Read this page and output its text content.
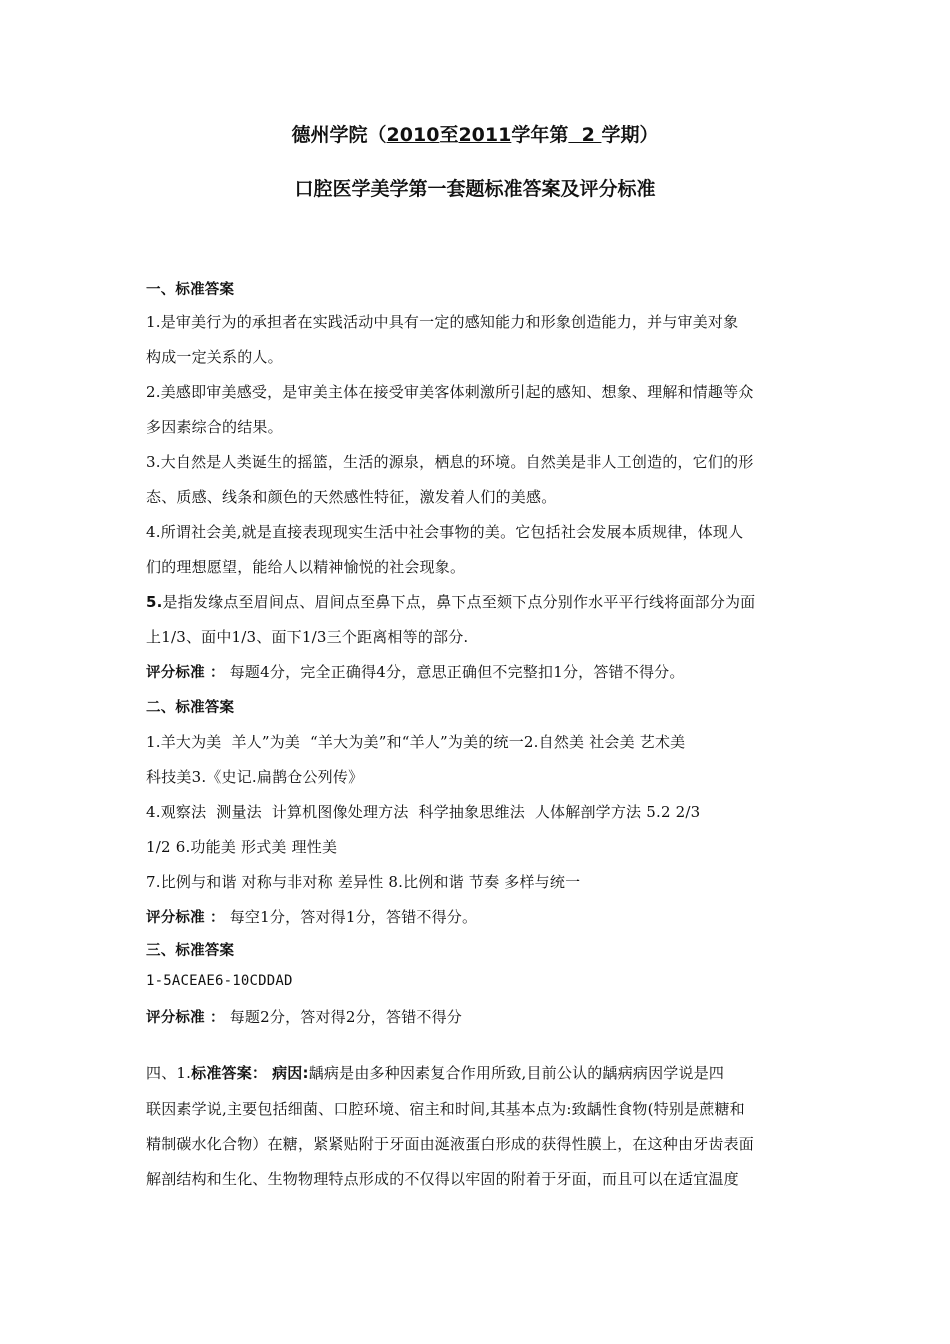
德州学院（2010至2011学年第  2 学期）
口腔医学美学第一套题标准答案及评分标准
一、标准答案
1.是审美行为的承担者在实践活动中具有一定的感知能力和形象创造能力，并与审美对象
构成一定关系的人。
2.美感即审美感受，是审美主体在接受审美客体刺激所引起的感知、想象、理解和情趣等众
多因素综合的结果。
3.大自然是人类诞生的摇篮，生活的源泉，栖息的环境。自然美是非人工创造的，它们的形
态、质感、线条和颜色的天然感性特征，激发着人们的美感。
4.所谓社会美,就是直接表现现实生活中社会事物的美。它包括社会发展本质规律，体现人
们的理想愿望，能给人以精神愉悦的社会现象。
5.是指发缘点至眉间点、眉间点至鼻下点，鼻下点至颏下点分别作水平平行线将面部分为面
上1/3、面中1/3、面下1/3三个距离相等的部分.
评分标准 ： 每题4分，完全正确得4分，意思正确但不完整扣1分，答错不得分。
二、标准答案
1.羊大为美  羊人”为美  “羊大为美”和“羊人”为美的统一2.自然美 社会美 艺术美
科技美3.《史记.扁鹊仓公列传》
4.观察法  测量法  计算机图像处理方法  科学抽象思维法  人体解剖学方法 5.2 2/3
1/2 6.功能美 形式美 理性美
7.比例与和谐 对称与非对称 差异性 8.比例和谐 节奏 多样与统一
评分标准 ： 每空1分，答对得1分，答错不得分。
三、标准答案
1-5ACEAE6-10CDDAD
评分标准 ： 每题2分，答对得2分，答错不得分
四、1.标准答案： 病因:龋病是由多种因素复合作用所致,目前公认的龋病病因学说是四
联因素学说,主要包括细菌、口腔环境、宿主和时间,其基本点为:致龋性食物(特别是蔗糖和
精制碳水化合物）在糖，紧紧贴附于牙面由涎液蛋白形成的获得性膜上，在这种由牙齿表面
解剖结构和生化、生物物理特点形成的不仅得以牢固的附着于牙面，而且可以在适宜温度
